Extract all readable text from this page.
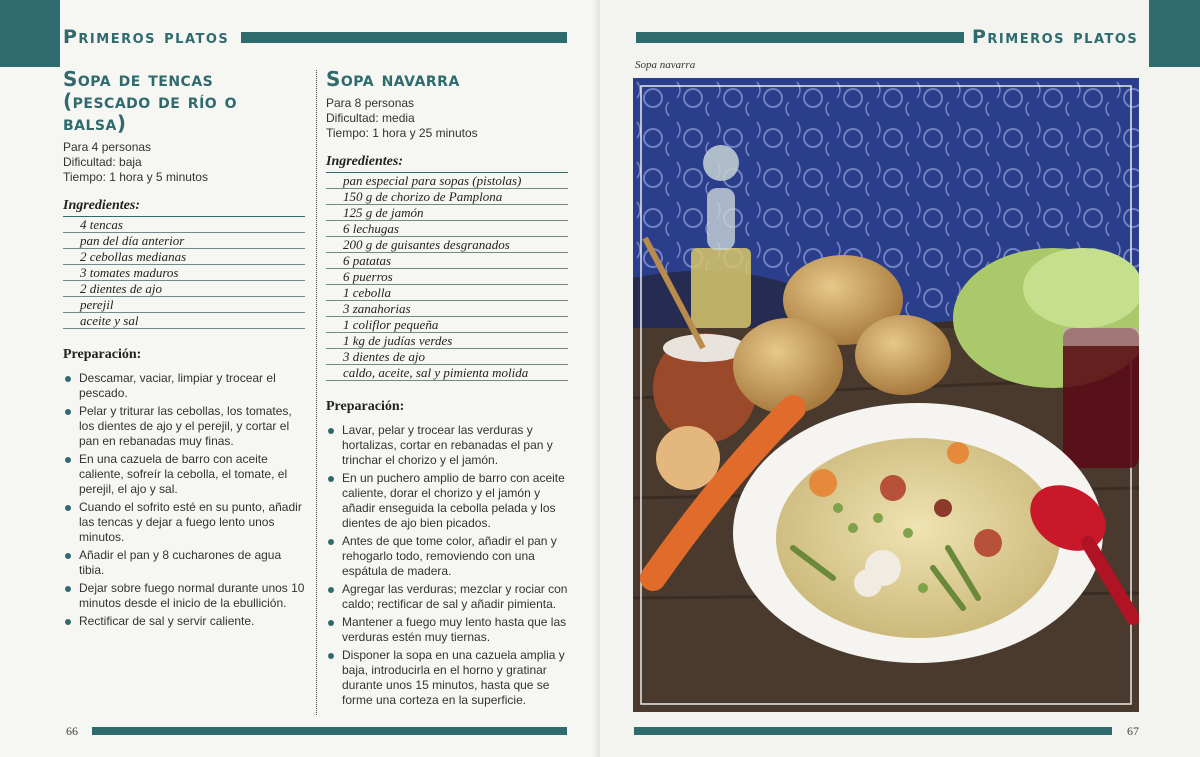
Primeros platos
Sopa de tencas (pescado de río o balsa)
Para 4 personas
Dificultad: baja
Tiempo: 1 hora y 5 minutos
Ingredientes:
4 tencas
pan del día anterior
2 cebollas medianas
3 tomates maduros
2 dientes de ajo
perejil
aceite y sal
Preparación:
Descamar, vaciar, limpiar y trocear el pescado.
Pelar y triturar las cebollas, los tomates, los dientes de ajo y el perejil, y cortar el pan en rebanadas muy finas.
En una cazuela de barro con aceite caliente, sofreír la cebolla, el tomate, el perejil, el ajo y sal.
Cuando el sofrito esté en su punto, añadir las tencas y dejar a fuego lento unos minutos.
Añadir el pan y 8 cucharones de agua tibia.
Dejar sobre fuego normal durante unos 10 minutos desde el inicio de la ebullición.
Rectificar de sal y servir caliente.
Sopa navarra
Para 8 personas
Dificultad: media
Tiempo: 1 hora y 25 minutos
Ingredientes:
pan especial para sopas (pistolas)
150 g de chorizo de Pamplona
125 g de jamón
6 lechugas
200 g de guisantes desgranados
6 patatas
6 puerros
1 cebolla
3 zanahorias
1 coliflor pequeña
1 kg de judías verdes
3 dientes de ajo
caldo, aceite, sal y pimienta molida
Preparación:
Lavar, pelar y trocear las verduras y hortalizas, cortar en rebanadas el pan y trinchar el chorizo y el jamón.
En un puchero amplio de barro con aceite caliente, dorar el chorizo y el jamón y añadir enseguida la cebolla pelada y los dientes de ajo bien picados.
Antes de que tome color, añadir el pan y rehogarlo todo, removiendo con una espátula de madera.
Agregar las verduras; mezclar y rociar con caldo; rectificar de sal y añadir pimienta.
Mantener a fuego muy lento hasta que las verduras estén muy tiernas.
Disponer la sopa en una cazuela amplia y baja, introducirla en el horno y gratinar durante unos 15 minutos, hasta que se forme una corteza en la superficie.
66
Primeros platos
Sopa navarra
67
